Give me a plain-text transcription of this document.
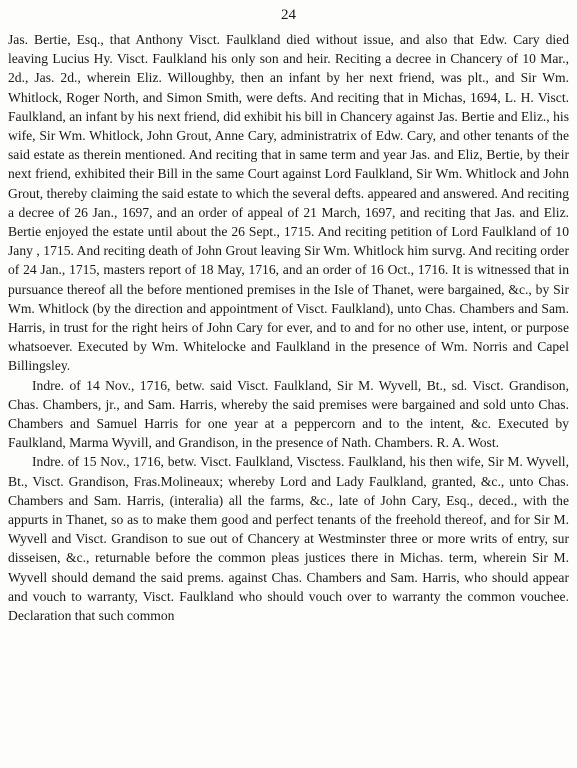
24

Jas. Bertie, Esq., that Anthony Visct. Faulkland died without issue, and also that Edw. Cary died leaving Lucius Hy. Visct. Faulkland his only son and heir. Reciting a decree in Chancery of 10 Mar., 2d., Jas. 2d., wherein Eliz. Willoughby, then an infant by her next friend, was plt., and Sir Wm. Whitlock, Roger North, and Simon Smith, were defts. And reciting that in Michas, 1694, L. H. Visct. Faulkland, an infant by his next friend, did exhibit his bill in Chancery against Jas. Bertie and Eliz., his wife, Sir Wm. Whitlock, John Grout, Anne Cary, administratrix of Edw. Cary, and other tenants of the said estate as therein mentioned. And reciting that in same term and year Jas. and Eliz, Bertie, by their next friend, exhibited their Bill in the same Court against Lord Faulkland, Sir Wm. Whitlock and John Grout, thereby claiming the said estate to which the several defts. appeared and answered. And reciting a decree of 26 Jan., 1697, and an order of appeal of 21 March, 1697, and reciting that Jas. and Eliz. Bertie enjoyed the estate until about the 26 Sept., 1715. And reciting petition of Lord Faulkland of 10 Jany , 1715. And reciting death of John Grout leaving Sir Wm. Whitlock him survg. And reciting order of 24 Jan., 1715, masters report of 18 May, 1716, and an order of 16 Oct., 1716. It is witnessed that in pursuance thereof all the before mentioned premises in the Isle of Thanet, were bargained, &c., by Sir Wm. Whitlock (by the direction and appointment of Visct. Faulkland), unto Chas. Chambers and Sam. Harris, in trust for the right heirs of John Cary for ever, and to and for no other use, intent, or purpose whatsoever. Executed by Wm. Whitelocke and Faulkland in the presence of Wm. Norris and Capel Billingsley.

Indre. of 14 Nov., 1716, betw. said Visct. Faulkland, Sir M. Wyvell, Bt., sd. Visct. Grandison, Chas. Chambers, jr., and Sam. Harris, whereby the said premises were bargained and sold unto Chas. Chambers and Samuel Harris for one year at a peppercorn and to the intent, &c. Executed by Faulkland, Marma Wyvill, and Grandison, in the presence of Nath. Chambers. R. A. Wost.

Indre. of 15 Nov., 1716, betw. Visct. Faulkland, Visctess. Faulkland, his then wife, Sir M. Wyvell, Bt., Visct. Grandison, Fras.Molineaux; whereby Lord and Lady Faulkland, granted, &c., unto Chas. Chambers and Sam. Harris, (interalia) all the farms, &c., late of John Cary, Esq., deced., with the appurts in Thanet, so as to make them good and perfect tenants of the freehold thereof, and for Sir M. Wyvell and Visct. Grandison to sue out of Chancery at Westminster three or more writs of entry, sur disseisen, &c., returnable before the common pleas justices there in Michas. term, wherein Sir M. Wyvell should demand the said prems. against Chas. Chambers and Sam. Harris, who should appear and vouch to warranty, Visct. Faulkland who should vouch over to warranty the common vouchee. Declaration that such common
